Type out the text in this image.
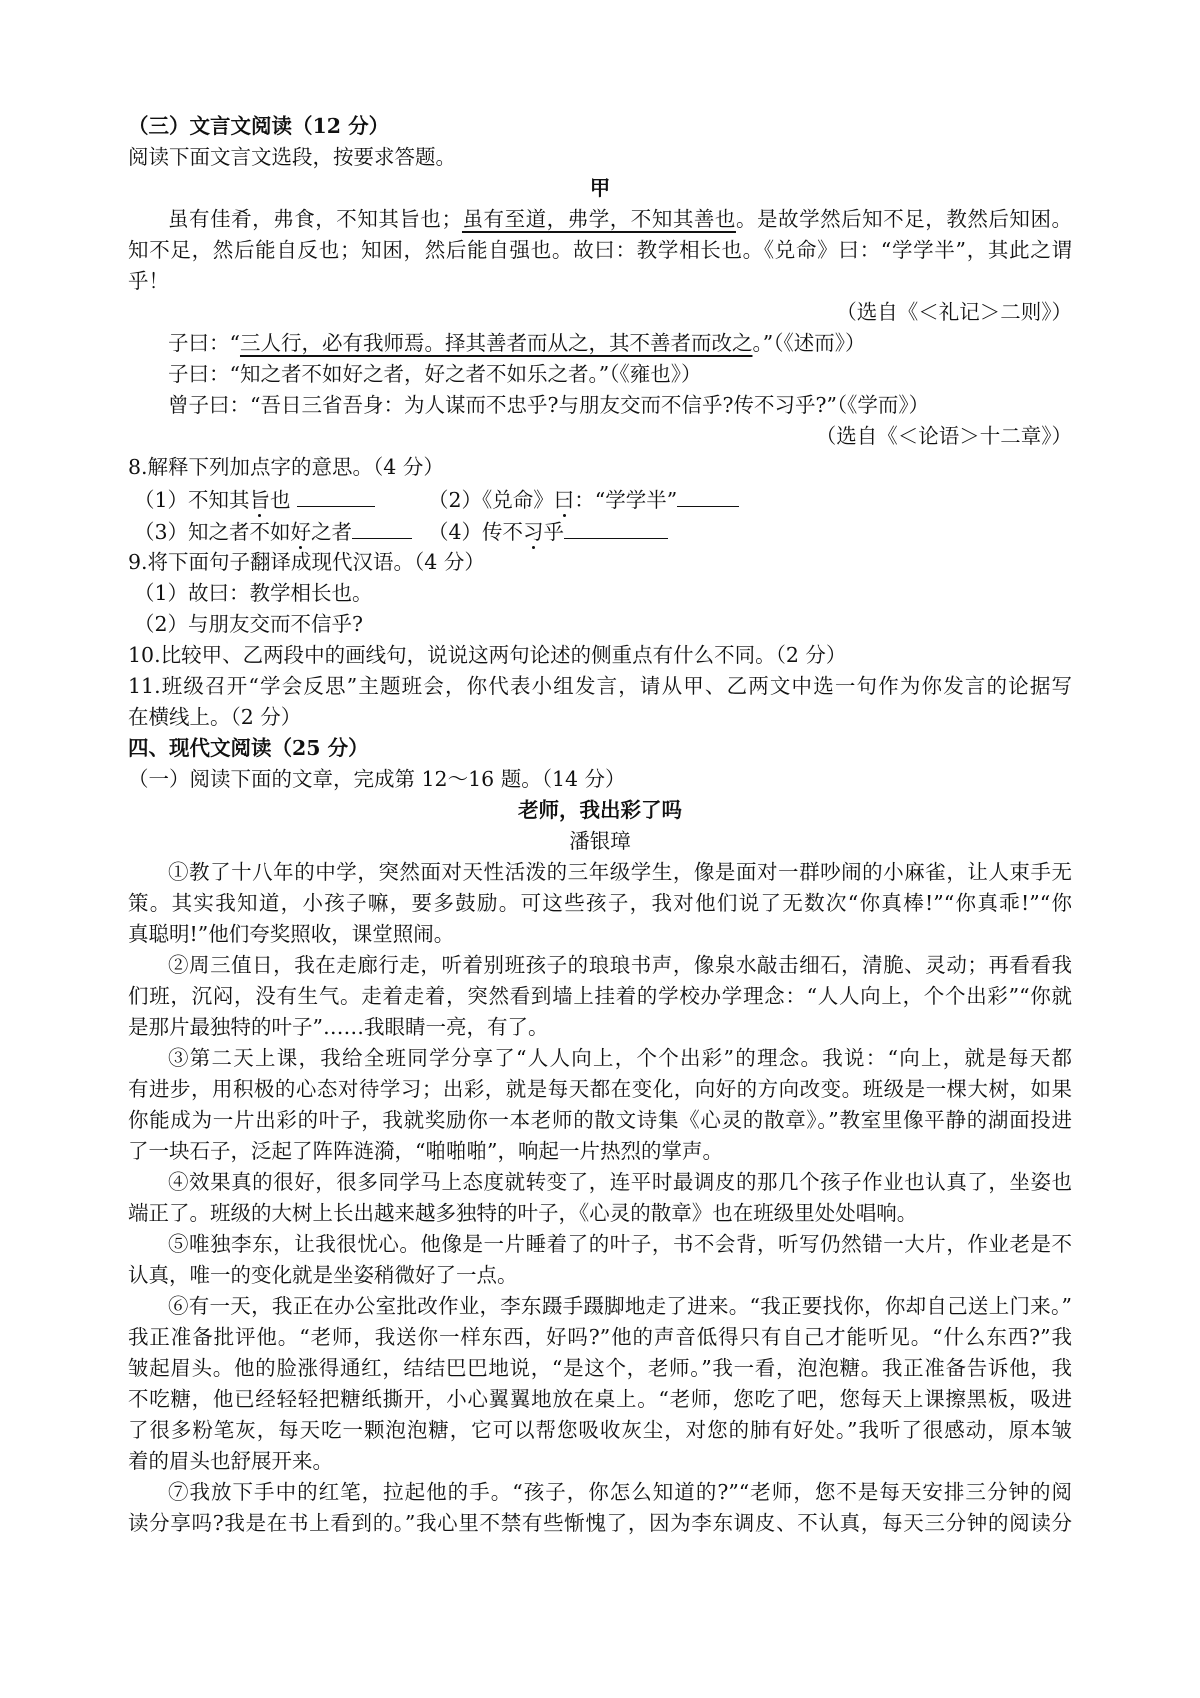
（三）文言文阅读（12 分）
阅读下面文言文选段，按要求答题。
甲
虽有佳肴，弗食，不知其旨也；虽有至道，弗学，不知其善也。是故学然后知不足，教然后知困。
知不足，然后能自反也；知困，然后能自强也。故曰：教学相长也。《兑命》曰：“学学半”，其此之谓
乎！
（选自《＜礼记＞二则》）
子曰：“三人行，必有我师焉。择其善者而从之，其不善者而改之。”（《述而》）
子曰：“知之者不如好之者，好之者不如乐之者。”（《雍也》）
曾子曰：“吾日三省吾身：为人谋而不忠乎?与朋友交而不信乎?传不习乎?”（《学而》）
（选自《＜论语＞十二章》）
8.解释下列加点字的意思。（4 分）
（1）不知其旨也	（2）《兑命》曰：“学学半”
（3）知之者不如好之者	（4）传不习乎
9.将下面句子翻译成现代汉语。（4 分）
（1）故曰：教学相长也。
（2）与朋友交而不信乎?
10.比较甲、乙两段中的画线句，说说这两句论述的侧重点有什么不同。（2 分）
11.班级召开“学会反思”主题班会，你代表小组发言，请从甲、乙两文中选一句作为你发言的论据写
在横线上。（2 分）
四、现代文阅读（25 分）
（一）阅读下面的文章，完成第 12～16 题。（14 分）
老师，我出彩了吗
潘银璋
①教了十八年的中学，突然面对天性活泼的三年级学生，像是面对一群吵闹的小麻雀，让人束手无
策。其实我知道，小孩子嘛，要多鼓励。可这些孩子，我对他们说了无数次“你真棒!”“你真乖!”“你
真聪明!”他们夸奖照收，课堂照闹。
②周三值日，我在走廊行走，听着别班孩子的琅琅书声，像泉水敲击细石，清脆、灵动；再看看我
们班，沉闷，没有生气。走着走着，突然看到墙上挂着的学校办学理念：“人人向上，个个出彩”“你就
是那片最独特的叶子”……我眼睛一亮，有了。
③第二天上课，我给全班同学分享了“人人向上，个个出彩”的理念。我说：“向上，就是每天都
有进步，用积极的心态对待学习；出彩，就是每天都在变化，向好的方向改变。班级是一棵大树，如果
你能成为一片出彩的叶子，我就奖励你一本老师的散文诗集《心灵的散章》。”教室里像平静的湖面投进
了一块石子，泛起了阵阵涟漪，“啪啪啪”，响起一片热烈的掌声。
④效果真的很好，很多同学马上态度就转变了，连平时最调皮的那几个孩子作业也认真了，坐姿也
端正了。班级的大树上长出越来越多独特的叶子，《心灵的散章》也在班级里处处唱响。
⑤唯独李东，让我很忧心。他像是一片睡着了的叶子，书不会背，听写仍然错一大片，作业老是不
认真，唯一的变化就是坐姿稍微好了一点。
⑥有一天，我正在办公室批改作业，李东蹑手蹑脚地走了进来。“我正要找你，你却自己送上门来。”
我正准备批评他。“老师，我送你一样东西，好吗?”他的声音低得只有自己才能听见。“什么东西?”我
皱起眉头。他的脸涨得通红，结结巴巴地说，“是这个，老师。”我一看，泡泡糖。我正准备告诉他，我
不吃糖，他已经轻轻把糖纸撕开，小心翼翼地放在桌上。“老师，您吃了吧，您每天上课擦黑板，吸进
了很多粉笔灰，每天吃一颗泡泡糖，它可以帮您吸收灰尘，对您的肺有好处。”我听了很感动，原本皱
着的眉头也舒展开来。
⑦我放下手中的红笔，拉起他的手。“孩子，你怎么知道的?”“老师，您不是每天安排三分钟的阅
读分享吗?我是在书上看到的。”我心里不禁有些惭愧了，因为李东调皮、不认真，每天三分钟的阅读分
